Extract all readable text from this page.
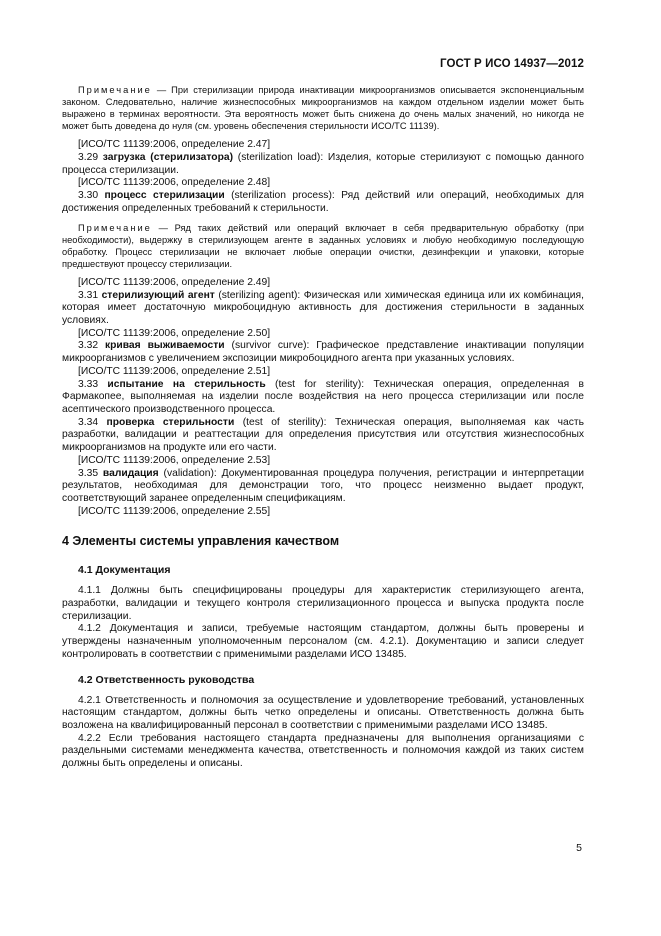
ГОСТ Р ИСО 14937—2012

Примечание — При стерилизации природа инактивации микроорганизмов описывается экспоненциальным законом. Следовательно, наличие жизнеспособных микроорганизмов на каждом отдельном изделии может быть выражено в терминах вероятности. Эта вероятность может быть снижена до очень малых значений, но никогда не может быть доведена до нуля (см. уровень обеспечения стерильности ИСО/ТС 11139).

[ИСО/ТС 11139:2006, определение 2.47]

3.29 загрузка (стерилизатора) (sterilization load): Изделия, которые стерилизуют с помощью данного процесса стерилизации.

[ИСО/ТС 11139:2006, определение 2.48]

3.30 процесс стерилизации (sterilization process): Ряд действий или операций, необходимых для достижения определенных требований к стерильности.

Примечание — Ряд таких действий или операций включает в себя предварительную обработку (при необходимости), выдержку в стерилизующем агенте в заданных условиях и любую необходимую последующую обработку. Процесс стерилизации не включает любые операции очистки, дезинфекции и упаковки, которые предшествуют процессу стерилизации.

[ИСО/ТС 11139:2006, определение 2.49]

3.31 стерилизующий агент (sterilizing agent): Физическая или химическая единица или их комбинация, которая имеет достаточную микробоцидную активность для достижения стерильности в заданных условиях.

[ИСО/ТС 11139:2006, определение 2.50]

3.32 кривая выживаемости (survivor curve): Графическое представление инактивации популяции микроорганизмов с увеличением экспозиции микробоцидного агента при указанных условиях.

[ИСО/ТС 11139:2006, определение 2.51]

3.33 испытание на стерильность (test for sterility): Техническая операция, определенная в Фармакопее, выполняемая на изделии после воздействия на него процесса стерилизации или после асептического производственного процесса.

3.34 проверка стерильности (test of sterility): Техническая операция, выполняемая как часть разработки, валидации и реаттестации для определения присутствия или отсутствия жизнеспособных микроорганизмов на продукте или его части.

[ИСО/ТС 11139:2006, определение 2.53]

3.35 валидация (validation): Документированная процедура получения, регистрации и интерпретации результатов, необходимая для демонстрации того, что процесс неизменно выдает продукт, соответствующий заранее определенным спецификациям.

[ИСО/ТС 11139:2006, определение 2.55]

4 Элементы системы управления качеством

4.1 Документация

4.1.1 Должны быть специфицированы процедуры для характеристик стерилизующего агента, разработки, валидации и текущего контроля стерилизационного процесса и выпуска продукта после стерилизации.

4.1.2 Документация и записи, требуемые настоящим стандартом, должны быть проверены и утверждены назначенным уполномоченным персоналом (см. 4.2.1). Документацию и записи следует контролировать в соответствии с применимыми разделами ИСО 13485.

4.2 Ответственность руководства

4.2.1 Ответственность и полномочия за осуществление и удовлетворение требований, установленных настоящим стандартом, должны быть четко определены и описаны. Ответственность должна быть возложена на квалифицированный персонал в соответствии с применимыми разделами ИСО 13485.

4.2.2 Если требования настоящего стандарта предназначены для выполнения организациями с раздельными системами менеджмента качества, ответственность и полномочия каждой из таких систем должны быть определены и описаны.

5
